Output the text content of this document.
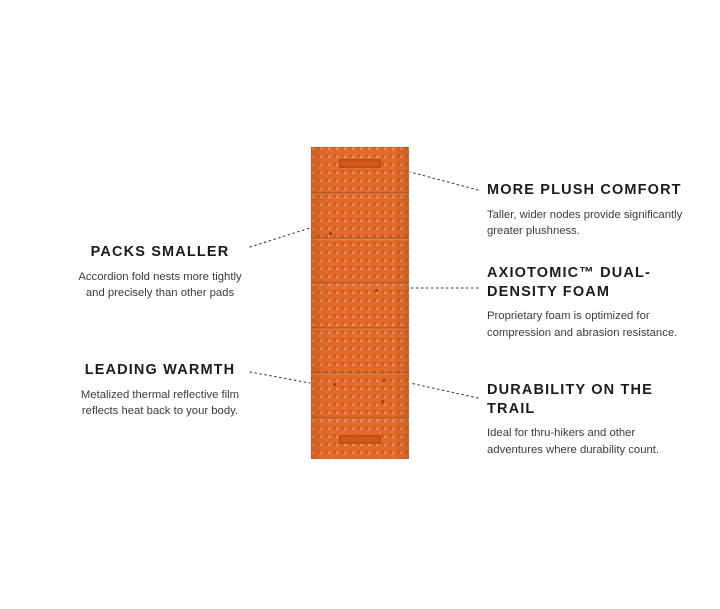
PACKS SMALLER

Accordion fold nests more tightly and precisely than other pads

LEADING WARMTH

Metalized thermal reflective film reflects heat back to your body.

MORE PLUSH COMFORT

Taller, wider nodes provide significantly greater plushness.

AXIOTOMIC™ DUAL-DENSITY FOAM

Proprietary foam is optimized for compression and abrasion resistance.

DURABILITY ON THE TRAIL

Ideal for thru-hikers and other adventures where durability count.
